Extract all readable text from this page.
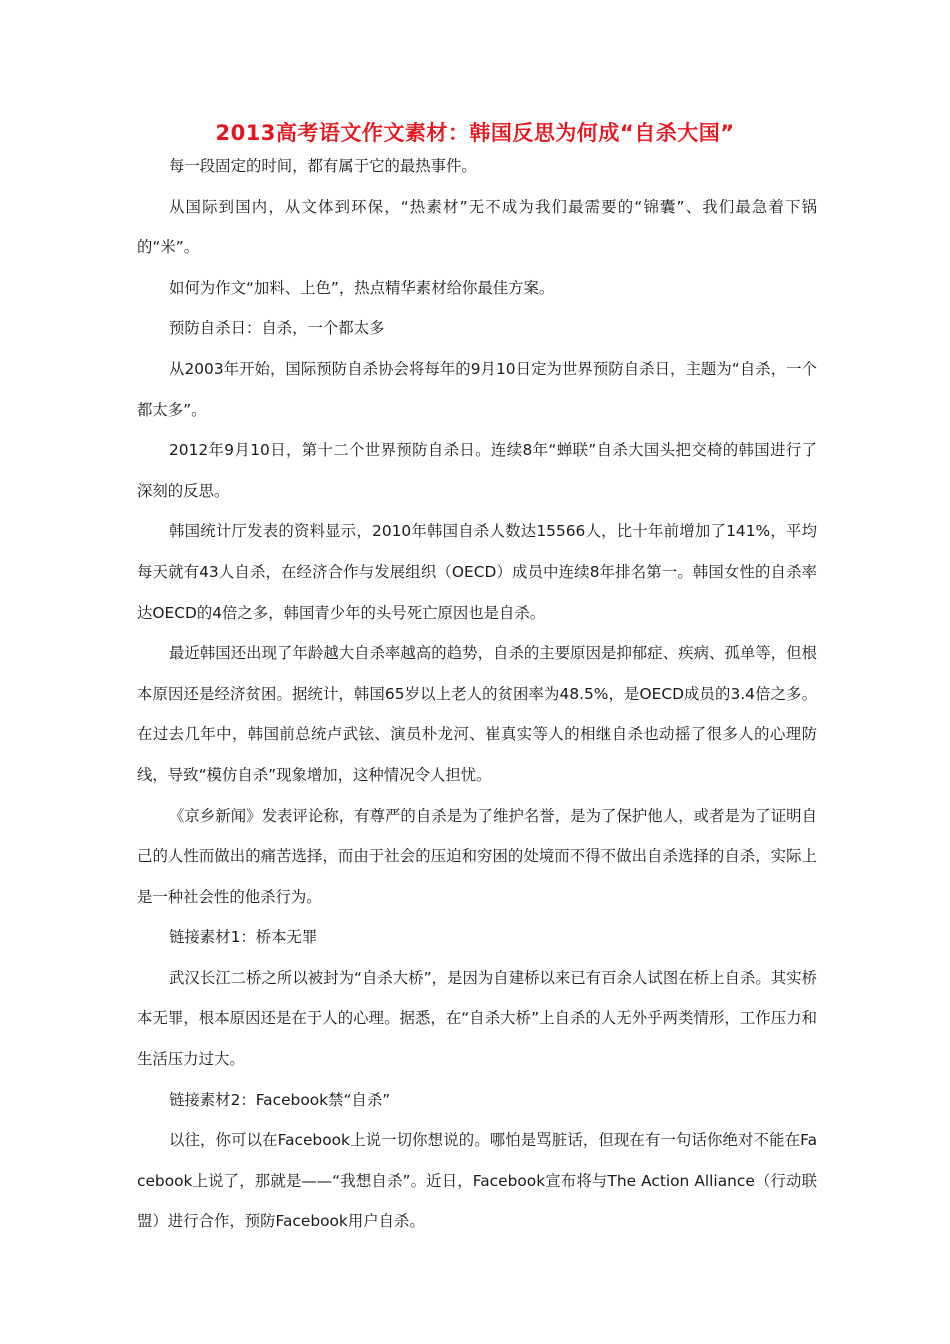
2013高考语文作文素材：韩国反思为何成“自杀大国”

每一段固定的时间，都有属于它的最热事件。

从国际到国内，从文体到环保，“热素材”无不成为我们最需要的“锦囊”、我们最急着下锅的“米”。

如何为作文“加料、上色”，热点精华素材给你最佳方案。

预防自杀日：自杀，一个都太多

从2003年开始，国际预防自杀协会将每年的9月10日定为世界预防自杀日，主题为“自杀，一个都太多”。

2012年9月10日，第十二个世界预防自杀日。连续8年“蝉联”自杀大国头把交椅的韩国进行了深刻的反思。

韩国统计厅发表的资料显示，2010年韩国自杀人数达15566人，比十年前增加了141%，平均每天就有43人自杀，在经济合作与发展组织（OECD）成员中连续8年排名第一。韩国女性的自杀率达OECD的4倍之多，韩国青少年的头号死亡原因也是自杀。

最近韩国还出现了年龄越大自杀率越高的趋势，自杀的主要原因是抑郁症、疾病、孤单等，但根本原因还是经济贫困。据统计，韩国65岁以上老人的贫困率为48.5%，是OECD成员的3.4倍之多。在过去几年中，韩国前总统卢武铉、演员朴龙河、崔真实等人的相继自杀也动摇了很多人的心理防线，导致“模仿自杀”现象增加，这种情况令人担忧。

《京乡新闻》发表评论称，有尊严的自杀是为了维护名誉，是为了保护他人，或者是为了证明自己的人性而做出的痛苦选择，而由于社会的压迫和穷困的处境而不得不做出自杀选择的自杀，实际上是一种社会性的他杀行为。

链接素材1：桥本无罪

武汉长江二桥之所以被封为“自杀大桥”，是因为自建桥以来已有百余人试图在桥上自杀。其实桥本无罪，根本原因还是在于人的心理。据悉，在“自杀大桥”上自杀的人无外乎两类情形，工作压力和生活压力过大。

链接素材2：Facebook禁“自杀”

以往，你可以在Facebook上说一切你想说的。哪怕是骂脏话，但现在有一句话你绝对不能在Facebook上说了，那就是——“我想自杀”。近日，Facebook宣布将与The Action Alliance（行动联盟）进行合作，预防Facebook用户自杀。
